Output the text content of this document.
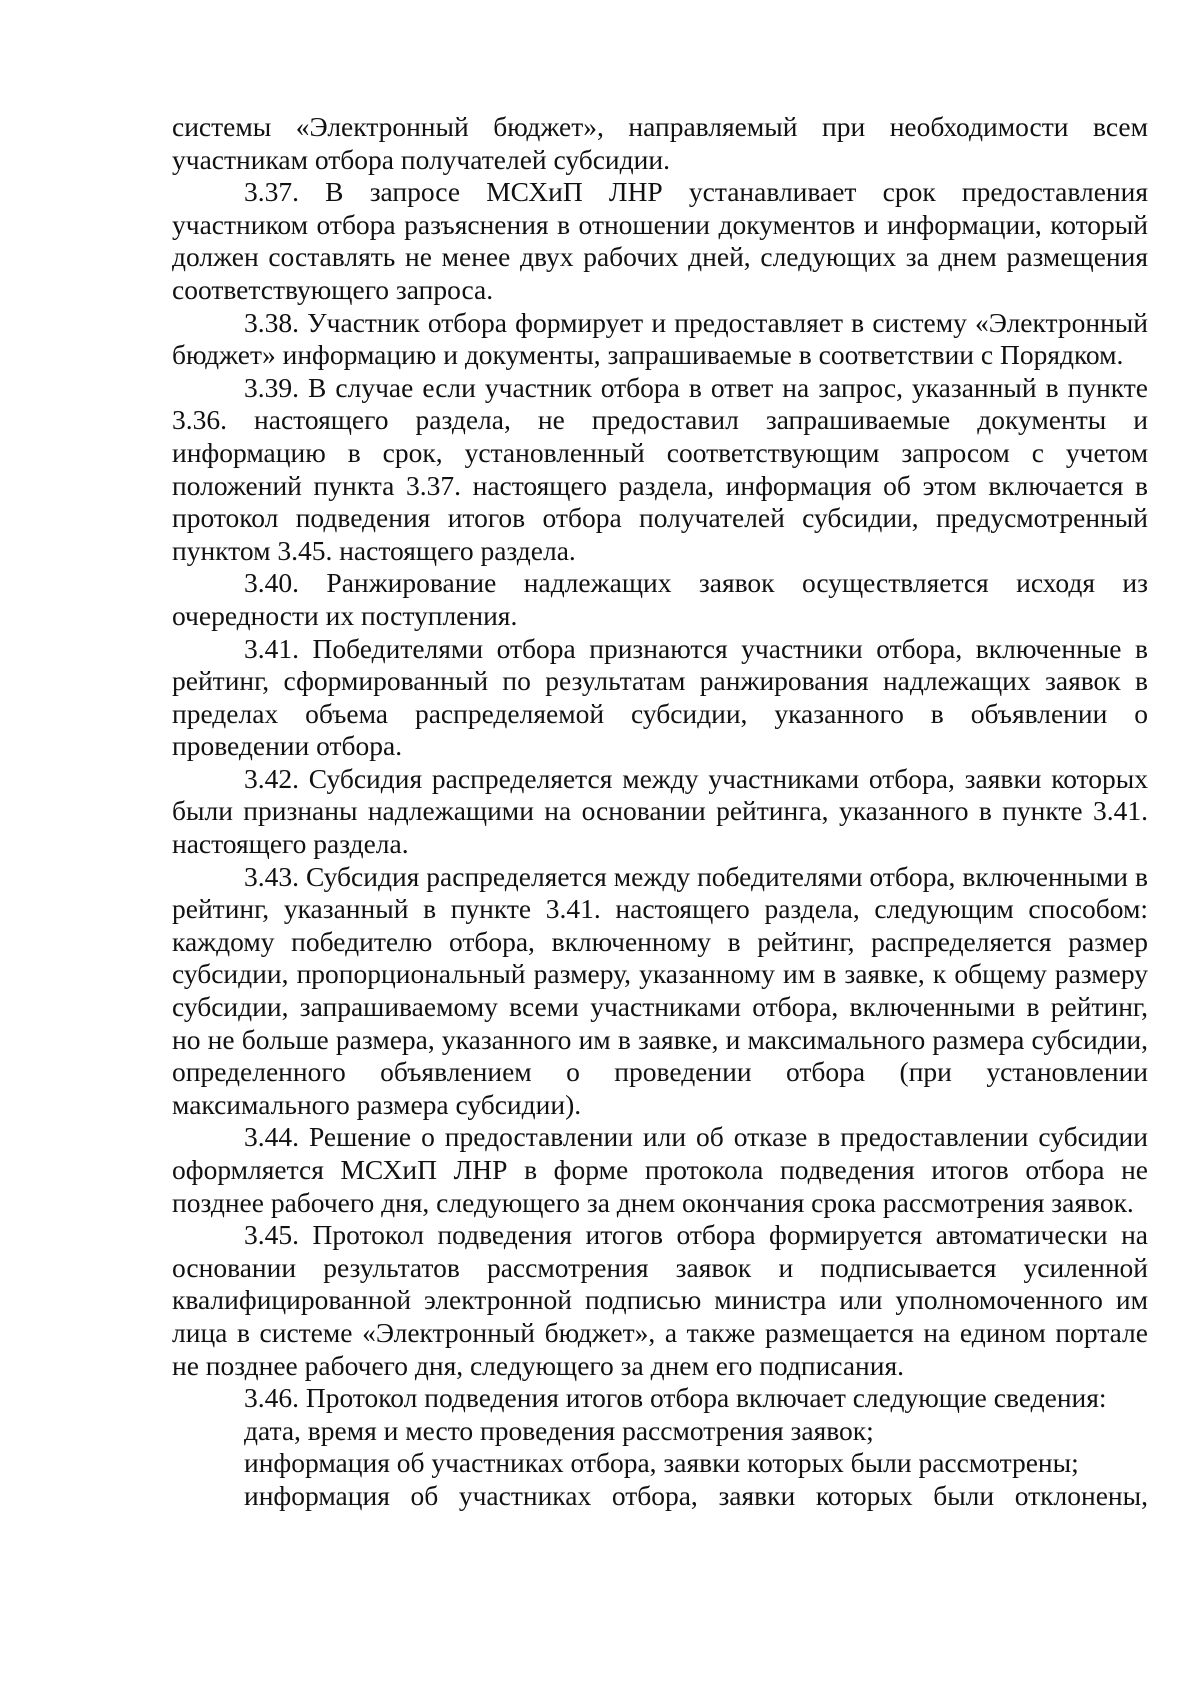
системы «Электронный бюджет», направляемый при необходимости всем участникам отбора получателей субсидии.

3.37. В запросе МСХиП ЛНР устанавливает срок предоставления участником отбора разъяснения в отношении документов и информации, который должен составлять не менее двух рабочих дней, следующих за днем размещения соответствующего запроса.

3.38. Участник отбора формирует и предоставляет в систему «Электронный бюджет» информацию и документы, запрашиваемые в соответствии с Порядком.

3.39. В случае если участник отбора в ответ на запрос, указанный в пункте 3.36. настоящего раздела, не предоставил запрашиваемые документы и информацию в срок, установленный соответствующим запросом с учетом положений пункта 3.37. настоящего раздела, информация об этом включается в протокол подведения итогов отбора получателей субсидии, предусмотренный пунктом 3.45. настоящего раздела.

3.40. Ранжирование надлежащих заявок осуществляется исходя из очередности их поступления.

3.41. Победителями отбора признаются участники отбора, включенные в рейтинг, сформированный по результатам ранжирования надлежащих заявок в пределах объема распределяемой субсидии, указанного в объявлении о проведении отбора.

3.42. Субсидия распределяется между участниками отбора, заявки которых были признаны надлежащими на основании рейтинга, указанного в пункте 3.41. настоящего раздела.

3.43. Субсидия распределяется между победителями отбора, включенными в рейтинг, указанный в пункте 3.41. настоящего раздела, следующим способом: каждому победителю отбора, включенному в рейтинг, распределяется размер субсидии, пропорциональный размеру, указанному им в заявке, к общему размеру субсидии, запрашиваемому всеми участниками отбора, включенными в рейтинг, но не больше размера, указанного им в заявке, и максимального размера субсидии, определенного объявлением о проведении отбора (при установлении максимального размера субсидии).

3.44. Решение о предоставлении или об отказе в предоставлении субсидии оформляется МСХиП ЛНР в форме протокола подведения итогов отбора не позднее рабочего дня, следующего за днем окончания срока рассмотрения заявок.

3.45. Протокол подведения итогов отбора формируется автоматически на основании результатов рассмотрения заявок и подписывается усиленной квалифицированной электронной подписью министра или уполномоченного им лица в системе «Электронный бюджет», а также размещается на едином портале не позднее рабочего дня, следующего за днем его подписания.

3.46. Протокол подведения итогов отбора включает следующие сведения:

дата, время и место проведения рассмотрения заявок;

информация об участниках отбора, заявки которых были рассмотрены;

информация об участниках отбора, заявки которых были отклонены,
